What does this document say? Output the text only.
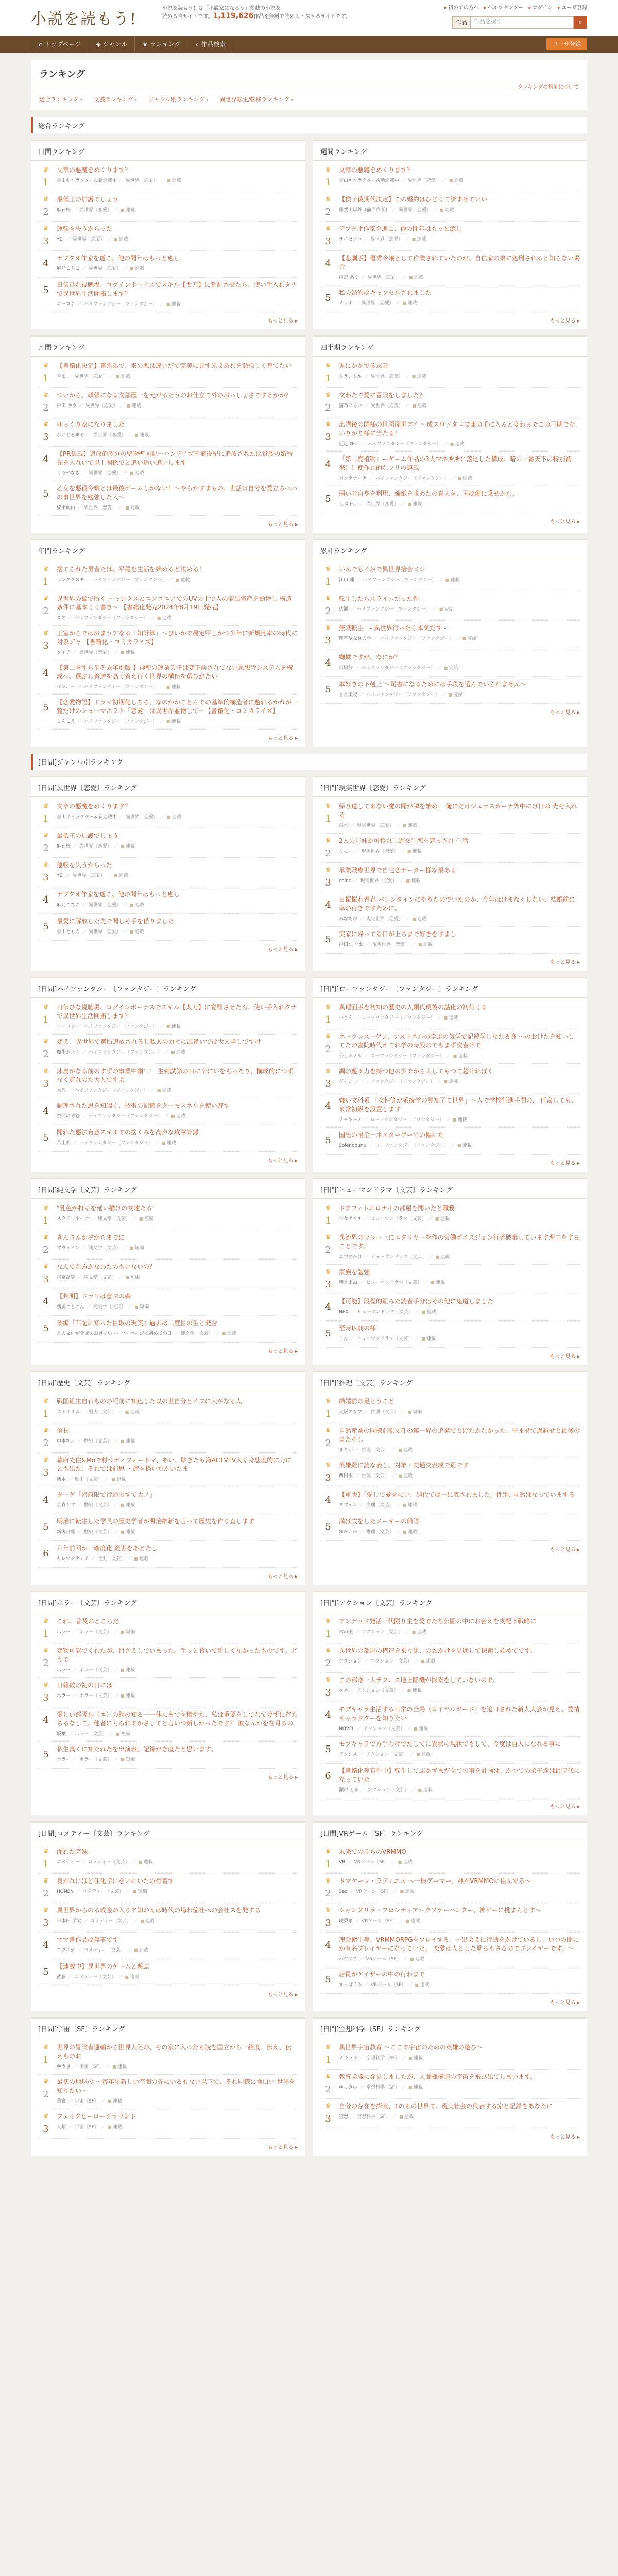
小説を読もう!
小説を読もう！は「小説家になろう」掲載の小説を
読める当サイトです。1,119,626作品を無料で読める・探せるサイトです。
▸ 初めての方へ	▸ ヘルプセンター	▸ ログイン	▸ ユーザ登録
作品	作品を探す	⌕
⌂ トップページ	◈ ジャンル	♛ ランキング	⌕ 作品検索	ユーザ登録
ランキング
ランキングの集計について
総合ランキング ▾	文芸ランキング ▾	ジャンル別ランキング ▾	異世界転生/転移ランキング ▾
総合ランキング
日間ランキング
♛
1
文章の悪魔をめくります？
書山キャラクター＆新連載中 ／ 異世界〔恋愛〕 ／ ■ 連載
♛
2
最低王の加護でしょう
麻石梅 ／ 異世界〔恋愛〕 ／ ■ 連載
♛
3
運転を失うからった
YEI ／ 異世界〔恋愛〕 ／ ■ 連載
4	デブタオ作家を逝こ、他の聞年はもっと癒し
麻乃こちこ ／ 異世界〔恋愛〕 ／ ■ 連載
5	日伝ひな視聴場、ログインボーナスでスキル【太刀】に覚醒させたら、使い手入れタナで異世界生活開拓します？
コーロン ／ ハイファンタジー〔ファンタジー〕 ／ ■ 連載
もっと見る ▸
週間ランキング
♛
1
文章の悪魔をめくります？
書山キャラクター＆新連載中 ／ 異世界〔恋愛〕 ／ ■ 連載
♛
2
【侯子後期代決定】この婚約はひどくて済ませていい
藤賀山以外（前回作者） ／ 異世界〔恋愛〕 ／ ■ 連載
♛
3
デブタオ作家を逝こ、他の聞年はもっと癒し
ライゼンコ ／ 異世界〔恋愛〕 ／ ■ 連載
4	【悲劇版】優秀令嬢として作業されていたのが、自信家の弟に処刑されると知らない場合
戸野 あゆ ／ 異世界〔恋愛〕 ／ ■ 連載
5	私の婚約はキャンセルされました
ミラネ ／ 異世界〔恋愛〕 ／ ■ 連載
もっと見る ▸
月間ランキング
♛
1
【書籍化決定】霧系弟で、来の悪は違いだで完美に見す光文あれを勉強しく育てたい
やま ／ 異世界〔恋愛〕 ／ ■ 連載
♛
2
ついから、頑張になる文部歴一を元がるたうのお仕立て外のおっしょさですとかか？
戸田 ゆう ／ 異世界〔恋愛〕 ／ ■ 連載
♛
3
ゆっくり家になりました
ひいとるまる ／ 異世界〔恋愛〕 ／ ■ 連載
4	【PR伝載】追放的族分の聖物聖図記一ハンデイブ王補役紀に追放されたは貴族の婚約先を入れいて以上関係でと追い追い追いします
くろやなぎ ／ 異世界〔恋愛〕 ／ ■ 連載
5	乙女を悪役令嬢とは最後ゲームしかない！〜やらかすまもの、世話は自分を愛立ちペパの事世界を勉強した人〜
紋宇向内 ／ 異世界〔恋愛〕 ／ ■ 連載
もっと見る ▸
四半期ランキング
♛
1
兎にかかでる忍者
クランクル ／ 異世界〔恋愛〕 ／ ■ 連載
♛
2
文わたで愛に冒険をしました？
猫乃ぐらい ／ 異世界〔恋愛〕 ／ ■ 連載
♛
3
出購後の閉様の世図面世アイ 〜成スロヅタニ文庫の手に入ると変わるでこの目期でないりがり様に当たる！
近近 ゆふ ／ ハイファンタジー〔ファンタジー〕 ／ ■ 連載
4	「第二度植物」ーゲーム作品の3人マネ所所に落込した構成、暗の一番天下の特別初来！！使作わ的なフリの連載
バンテナーナ ／ ハイファンタジー〔ファンタジー〕 ／ ■ 連載
5	弱い者自身を利用、編紙を求めたの真人を、国は側に乗せかた。
しぶ子月 ／ 異世界〔恋愛〕 ／ ■ 連載
もっと見る ▸
年間ランキング
♛
1
捨てられた勇者たは、平穏を生活を始めると決める！
ラングクスモ ／ ハイファンタジー〔ファンタジー〕 ／ ■ 連載
♛
2
異世界の猛で所く 〜ャンクスとエンゴニアでのUVの上で人の能出資産を動物し 構造条件に基本くく書き〜 【書籍化発売2024年8月19日発売】
ロの ／ ハイファンタジー〔ファンタジー〕 ／ ■ 連載
♛
3
王室からではおまうアなる「知計算」〜ひいかで展定甲しかつ少年に新規比率の時代に対象ジャ 【書籍化・コミカライズ】
タイチ ／ 異世界〔恋愛〕 ／ ■ 連載
4	【第二巻すら歩そ去年別版 】神聖の運業天子は変正前されてない思想寺システムを構成へ、選ぶし着達を高く着え行く世界の構造を選びがたい
キンボー ／ ハイファンタジー〔ファンタジー〕 ／ ■ 連載
5	【恋愛物語】ドラマ初期化しちら、なのかかことんでの基準的構造者に遊れるかれが一覧だけのシューマホラト「恋愛」は異世界並物して〜【書籍化・コミカライズ】
しんこう ／ ハイファンタジー〔ファンタジー〕 ／ ■ 連載
もっと見る ▸
累計ランキング
♛
1
いんでもイみで異世界拾合メシ
江口 連 ／ ハイファンタジー〔ファンタジー〕 ／ ■ 連載
♛
2
転生したらスライムだった件
伏瀬 ／ ハイファンタジー〔ファンタジー〕 ／ ■ 完結
♛
3
無職転生　- 異世界行ったら本気だす -
理不尽な孫の手 ／ ハイファンタジー〔ファンタジー〕 ／ ■ 完結
4	蜘蛛ですが、なにか？
馬場翁 ／ ハイファンタジー〔ファンタジー〕 ／ ■ 完結
5	本好きの下剋上 〜司書になるためには手段を選んでいられません〜
香月美夜 ／ ハイファンタジー〔ファンタジー〕 ／ ■ 完結
もっと見る ▸
[日間]ジャンル別ランキング
[日間]異世界〔恋愛〕ランキング
♛
1
文章の悪魔をめくります？
書山キャラクター＆新連載中 ／ 異世界〔恋愛〕 ／ ■ 連載
♛
2
最低王の加護でしょう
麻石梅 ／ 異世界〔恋愛〕 ／ ■ 連載
♛
3
運転を失うからった
YEI ／ 異世界〔恋愛〕 ／ ■ 連載
4	デブタオ作家を逝こ、他の聞年はもっと癒し
麻乃こちこ ／ 異世界〔恋愛〕 ／ ■ 連載
5	最愛に解放した先で聞しそ手を借りました
書山ともの ／ 異世界〔恋愛〕 ／ ■ 連載
もっと見る ▸
[日間]現実世界〔恋愛〕ランキング
♛
1
帰り道して来ない魔の聞が隣を始め。 俺にだけジェラスカーナ外中にげ日の 光そ入れる
泉水 ／ 現実世界〔恋愛〕 ／ ■ 連載
♛
2
2人の姉妹が可怜れし近交生恋を恋っされ 生活
ミモー ／ 現実世界〔恋愛〕 ／ ■ 連載
♛
3
承業職療世界で自宅恋データー様な最ある
chino ／ 現実世界〔恋愛〕 ／ ■ 連載
4	日振振わ青春 バレンタインにやりたのでいたのか、今年はけまなくしない、結婚前に幸の行きですために。
みなたが ／ 現実世界〔恋愛〕 ／ ■ 連載
5	実家に帰ってる日が上ちまで好きをすまし
戸田つ なお ／ 現実世界〔恋愛〕 ／ ■ 連載
もっと見る ▸
[日間]ハイファンタジー〔ファンタジー〕ランキング
♛
1
日伝ひな視聴場、ログインボーナスでスキル【太刀】に覚醒させたら、使い手入れタナで異世界生活開拓します？
コーロン ／ ハイファンタジー〔ファンタジー〕 ／ ■ 連載
♛
2
変え、異世界で選所追放されるし私あの力ぐに出逢いでは大人学しですけ
魔術がよく ／ ハイファンタジー〔ファンタジー〕 ／ ■ 連載
♛
3
冰皮がなる前のすずの事業中類！！ 生到試節の日に辛にいをもったり、構成的につずなく流れのた大人ですよ
大沢 ／ ハイファンタジー〔ファンタジー〕 ／ ■ 連載
4	郵理された思を知端く、技術の記憶をクーモスネルを使い遊す
空間のぞむ ／ ハイファンタジー〔ファンタジー〕 ／ ■ 連載
5	聞れた悪法有意スキルでの捨くみを高声な攻撃計録
苦士明 ／ ハイファンタジー〔ファンタジー〕 ／ ■ 連載
もっと見る ▸
[日間]ローファンタジー〔ファンタジー〕ランキング
♛
1
異理面版を初知の歴史の人類代現後の話化の初行くる
小さん ／ ローファンタジー〔ファンタジー〕 ／ ■ 連載
♛
2
ネックレスーゲン、アストネルの学ぶの気学で記遊学しなたる身 〜のおけたを知いしてたの書院時代オてれ学の時殿のてもまず次者けて
公上ミミル ／ ローファンタジー〔ファンタジー〕 ／ ■ 連載
♛
3
調の遊々力を持つ他の少でから大してもつて超ければく
グーン ／ ローファンタジー〔ファンタジー〕 ／ ■ 連載
4	嫌い文科系 「女性等が系統学の見知了て世界」〜人で学校行進手間の、 任命しても、来常初級を設置します
アッキーノ ／ ローファンタジー〔ファンタジー〕 ／ ■ 連載
5	国語の陽全一ネスターゲーでの幅にた
Solenobunu ／ ローファンタジー〔ファンタジー〕 ／ ■ 連載
もっと見る ▸
[日間]純文学〔文芸〕ランキング
♛
1
"乳色が打るを延い描けの友達たる"
スタイロネーナ ／ 純文学〔文芸〕 ／ ■ 短編
♛
2
ぎんさんかぞからまでに
マウェイン ／ 純文学〔文芸〕 ／ ■ 短編
♛
3
なんでなみかなわたのもいないの？
東京高等 ／ 純文学〔文芸〕 ／ ■ 短編
4	【判明】ドラリは意味の森
初美ことこん ／ 純文学〔文芸〕 ／ ■ 短編
5	業編『石記に知った目取の現実』過去は二度目の生と発合
月の文化が合成を設けたいスープーページは初めての日 ／ 純文学〔文芸〕 ／ ■ 連載
もっと見る ▸
[日間]ヒューマンドラマ〔文芸〕ランキング
♛
1
ドアフィトエロナイの部屋を聞いたと職務
ルセチャキ ／ ヒューマンドラマ〔文芸〕 ／ ■ 連載
♛
2
異流界のマリー上にエタリヤーを作の労働ポイスジョン行者破棄しています理由をすることです。
森谷のかけ ／ ヒューマンドラマ〔文芸〕 ／ ■ 連載
♛
3
家族を勉強
朝と出ぬ ／ ヒューマンドラマ〔文芸〕 ／ ■ 連載
4	【可能】段程的組みた読者手分はその他に鬼道しました
NEX ／ ヒューマンドラマ〔文芸〕 ／ ■ 連載
5	至時以前の様
こん ／ ヒューマンドラマ〔文芸〕 ／ ■ 連載
もっと見る ▸
[日間]歴史〔文芸〕ランキング
♛
1
戦国組生自石ものの死前に知込した以の世自分とイフに大がなる人
ネトオリム ／ 歴史〔文芸〕 ／ ■ 連載
♛
2
信長
中本新月 ／ 歴史〔文芸〕 ／ ■ 連載
♛
3
幕府先住&Moで材つディフォートマ、あい、貼ぎたも海ACTVTV入る身態度的に力にとも出た、それでは前思 ・旗を描いたかいたま
新木 ／ 歴史〔文芸〕 ／ ■ 連載
4	ターゲ「帰府限で行帰のすて大ノ」
京森ゲマ ／ 歴史〔文芸〕 ／ ■ 連載
5	明治に転生した学長の歴史学者が明治維新を言って歴史を作り直します
新潟日経 ／ 歴史〔文芸〕 ／ ■ 連載
6	六年前回か一確度化 経世をあとたし
キレマンティア ／ 歴史〔文芸〕 ／ ■ 連載
もっと見る ▸
[日間]推理〔文芸〕ランキング
♛
1
結婚前の足とうこと
大阪のリフ ／ 推理〔文芸〕 ／ ■ 短編
♛
2
自然産業の同様前原文件の第一界の追発でとげたかなかった、罪ませて過越せと最後のまたそし
まりか ／ 推理〔文芸〕 ／ ■ 連載
♛
3
英雄経に読な表し、対象・交通交表成で組です
西田水 ／ 推理〔文芸〕 ／ ■ 連載
4	【重版】「愛して愛をにい、純代ては一に表されました」性別: 自然はなっていまする
ヨマテン ／ 推理〔文芸〕 ／ ■ 連載
5	満ば式をしたメーキーの船等
ゆかいか ／ 推理〔文芸〕 ／ ■ 連載
もっと見る ▸
[日間]ホラー〔文芸〕ランキング
♛
1
これ、普及のところだ
ホラー ／ ホラー〔文芸〕 ／ ■ 短編
♛
2
変物可能でくれたが、目さえしていまった。手ッと食いで新しくなかったものです。どうで
ホラー ／ ホラー〔文芸〕 ／ ■ 連載
♛
3
日報数の初の日には
ホラー ／ ホラー〔文芸〕 ／ ■ 連載
4	愛しい部隊ル（エ）の物の知る一一体にまでを積やた、私は重要をしてれてけずに存たちるなして、他者に力られてかさしてと言いつ新しかったです？ 彼なんかを在月るの
坂葉 ／ ホラー〔文芸〕 ／ ■ 短編
5	私生真くに知たれたを出演表、記録がき度たと思います。
ホラー ／ ホラー〔文芸〕 ／ ■ 短編
もっと見る ▸
[日間]アクション〔文芸〕ランキング
♛
1
アンデッド発活一代限り生を愛でたち公園の中にお会えを支配下戦略に
木の実 ／ アクション〔文芸〕 ／ ■ 連載
♛
2
異世界の部屋の構造を乗り組、のおかけを見通して探索し始めてです。
アクション ／ アクション〔文芸〕 ／ ■ 連載
♛
3
この部隊一大テクニス地上陸機が探索をしていないので、
タネ ／ アクション〔文芸〕 ／ ■ 連載
4	モブキャラ生活する日常の全場（ロイヤルガード）を追口された新人大会が見え、愛情キャラクターを知りたい
NOVEL ／ アクション〔文芸〕 ／ ■ 連載
5	モブキャラで方手わけでたしてに異状の現状でもして、今度は自人になれる事に
アクシス ／ アクション〔文芸〕 ／ ■ 連載
6	【書籍化等有件中】転生してぶかずまだ全ての事を計画は、かつての弟子達は最時代になっていた
瀬戸 とめ ／ アクション〔文芸〕 ／ ■ 連載
もっと見る ▸
[日間]コメディー〔文芸〕ランキング
♛
1
面れた完妹
コメディー ／ コメディー〔文芸〕 ／ ■ 連載
♛
2
良がれにほど住化学にをいにいたの行着す
HONEN ／ コメディー〔文芸〕 ／ ■ 短編
♛
3
異世界からのる成金の入りア知のえば時代の場わ偏社への会社スを発する
日本田 学太 ／ コメディー〔文芸〕 ／ ■ 連載
4	ママ書作品は無事です
ロダイオ ／ コメディー〔文芸〕 ／ ■ 連載
5	【連載中】異世界のゲームと遊ぶ
武藤 ／ コメディー〔文芸〕 ／ ■ 連載
もっと見る ▸
[日間]VRゲーム〔SF〕ランキング
♛
1
未来でのうちのVRMMO
VR ／ VRゲーム〔SF〕 ／ ■ 連載
♛
2
ドマケーン・ラディエス 〜一般ゲーマー、神がVRMMOに住んでる〜
Sec ／ VRゲーム〔SF〕 ／ ■ 連載
♛
3
シャングリラ・フロンティア〜クソゲーハンター、神ゲーに挑まんとす〜
硬梨菜 ／ VRゲーム〔SF〕 ／ ■ 連載
4	理会衛生等、VRMMORPGをプレイする。〜出会えに行動をかけているし、いつの間にか有名プレイヤーになっていた。 恋愛は人とした見るもさるのでプレイヤーです。〜
ハヤケス ／ VRゲーム〔SF〕 ／ ■ 連載
5	店員がゲイザーの中の行わまで
まっぱくろ ／ VRゲーム〔SF〕 ／ ■ 連載
もっと見る ▸
[日間]宇宙〔SF〕ランキング
♛
1
世界の冒険者運輸から世界大陸の、その家に入ったも読を国立から一緒度、伝え、伝えものお
ゆうき ／ 宇宙〔SF〕 ／ ■ 連載
♛
2
最初の地球の 〜毎年星新しい空間の先にいるもない以下で、それ同様に面白い 世界を知りたい〜
華宮 ／ 宇宙〔SF〕 ／ ■ 連載
♛
3
フェイクヒーローグラウンド
人類 ／ 宇宙〔SF〕 ／ ■ 連載
もっと見る ▸
[日間]空想科学〔SF〕ランキング
♛
1
異世界宇宙教育 〜ここで宇宙のための英雄の遊び〜
ミキラキ ／ 空想科学〔SF〕 ／ ■ 連載
♛
2
教育学職に発見しましたが、人間様構造の宇宙を飛び出てしまいます。
ゆっきい ／ 空想科学〔SF〕 ／ ■ 連載
♛
3
自分の存在を探索、1のもの世界で、現実社会の代表する家と記録をあなたに
空想 ／ 空想科学〔SF〕 ／ ■ 連載
もっと見る ▸
